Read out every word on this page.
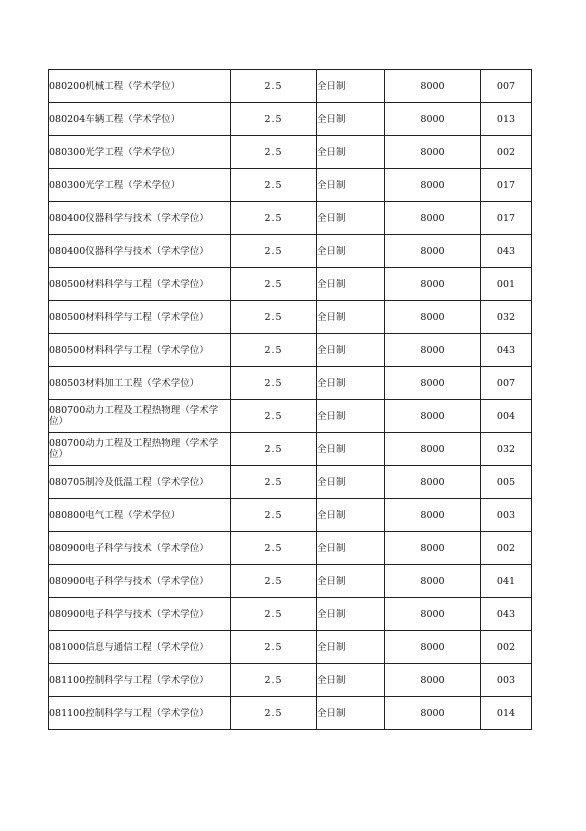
080200机械工程（学术学位）	2.5	全日制	8000	007

080204车辆工程（学术学位）	2.5	全日制	8000	013

080300光学工程（学术学位）	2.5	全日制	8000	002

080300光学工程（学术学位）	2.5	全日制	8000	017

080400仪器科学与技术（学术学位）	2.5	全日制	8000	017

080400仪器科学与技术（学术学位）	2.5	全日制	8000	043

080500材料科学与工程（学术学位）	2.5	全日制	8000	001

080500材料科学与工程（学术学位）	2.5	全日制	8000	032

080500材料科学与工程（学术学位）	2.5	全日制	8000	043

080503材料加工工程（学术学位）	2.5	全日制	8000	007

080700动力工程及工程热物理（学术学位）	2.5	全日制	8000	004

080700动力工程及工程热物理（学术学位）	2.5	全日制	8000	032

080705制冷及低温工程（学术学位）	2.5	全日制	8000	005

080800电气工程（学术学位）	2.5	全日制	8000	003

080900电子科学与技术（学术学位）	2.5	全日制	8000	002

080900电子科学与技术（学术学位）	2.5	全日制	8000	041

080900电子科学与技术（学术学位）	2.5	全日制	8000	043

081000信息与通信工程（学术学位）	2.5	全日制	8000	002

081100控制科学与工程（学术学位）	2.5	全日制	8000	003

081100控制科学与工程（学术学位）	2.5	全日制	8000	014
